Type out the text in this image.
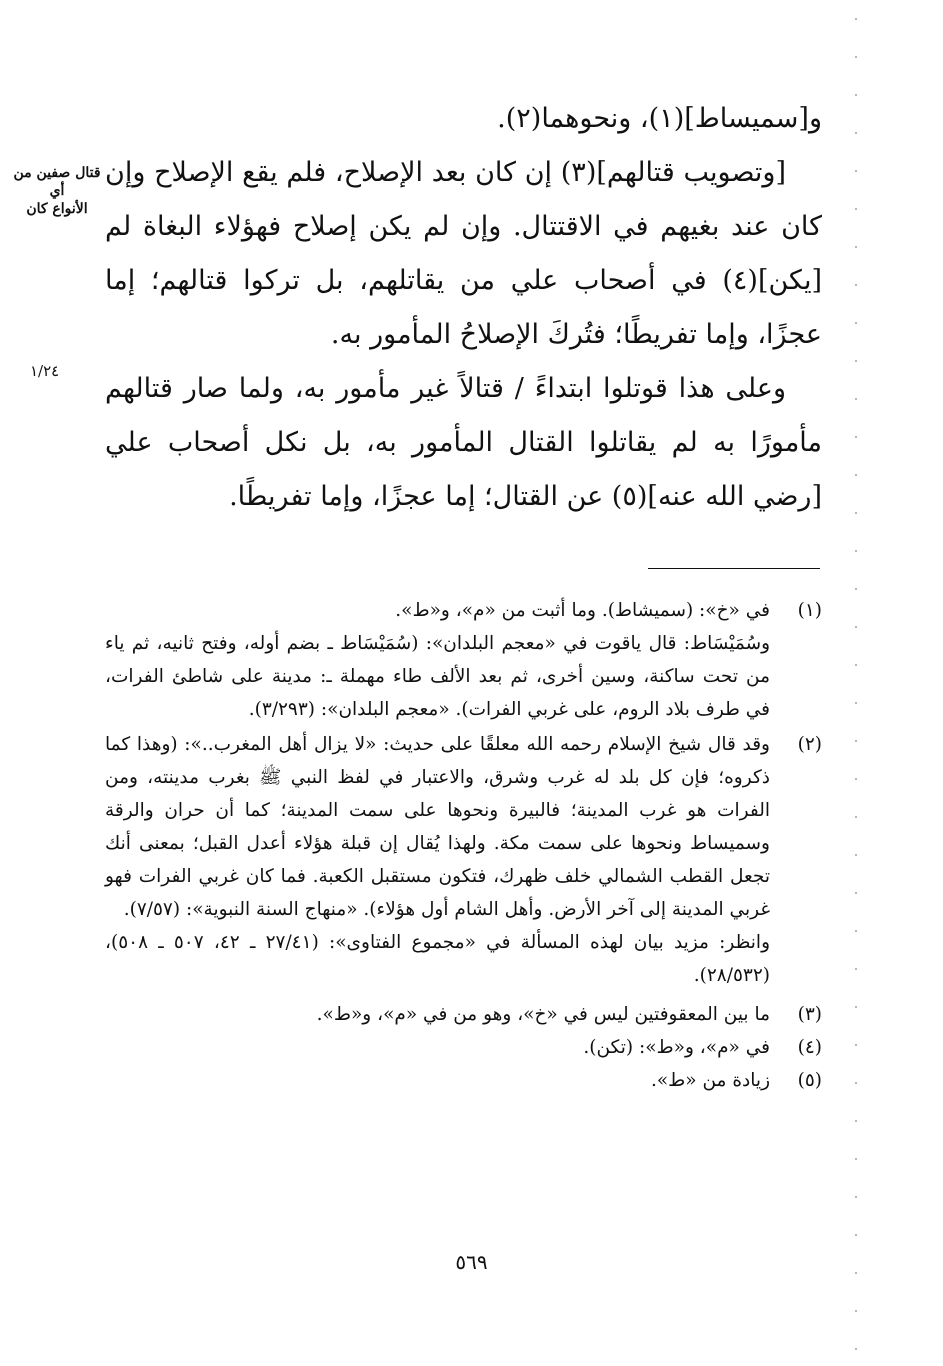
و[سميساط](١)، ونحوهما(٢).

[وتصويب قتالهم](٣) إن كان بعد الإصلاح، فلم يقع الإصلاح وإن كان عند بغيهم في الاقتتال. وإن لم يكن إصلاح فهؤلاء البغاة لم [يكن](٤) في أصحاب علي من يقاتلهم، بل تركوا قتالهم؛ إما عجزًا، وإما تفريطًا؛ فتُركَ الإصلاحُ المأمور به.

وعلى هذا قوتلوا ابتداءً / قتالاً غير مأمور به، ولما صار قتالهم مأمورًا به لم يقاتلوا القتال المأمور به، بل نكل أصحاب علي [رضي الله عنه](٥) عن القتال؛ إما عجزًا، وإما تفريطًا.

قتال صفين من أي
الأنواع كان
١/٢٤
(١)

في «خ»: (سميشاط). وما أثبت من «م»، و«ط».

وسُمَيْسَاط: قال ياقوت في «معجم البلدان»: (سُمَيْسَاط ـ بضم أوله، وفتح ثانيه، ثم ياء من تحت ساكنة، وسين أخرى، ثم بعد الألف طاء مهملة ـ: مدينة على شاطئ الفرات، في طرف بلاد الروم، على غربي الفرات). «معجم البلدان»: (٣/٢٩٣).

(٢)

وقد قال شيخ الإسلام رحمه الله معلقًا على حديث: «لا يزال أهل المغرب..»: (وهذا كما ذكروه؛ فإن كل بلد له غرب وشرق، والاعتبار في لفظ النبي ﷺ بغرب مدينته، ومن الفرات هو غرب المدينة؛ فالبيرة ونحوها على سمت المدينة؛ كما أن حران والرقة وسميساط ونحوها على سمت مكة. ولهذا يُقال إن قبلة هؤلاء أعدل القبل؛ بمعنى أنك تجعل القطب الشمالي خلف ظهرك، فتكون مستقبل الكعبة. فما كان غربي الفرات فهو غربي المدينة إلى آخر الأرض. وأهل الشام أول هؤلاء). «منهاج السنة النبوية»: (٧/٥٧).

وانظر: مزيد بيان لهذه المسألة في «مجموع الفتاوى»: (٢٧/٤١ ـ ٤٢، ٥٠٧ ـ ٥٠٨)، (٢٨/٥٣٢).

(٣)

ما بين المعقوفتين ليس في «خ»، وهو من في «م»، و«ط».

(٤)

في «م»، و«ط»: (تكن).

(٥)

زيادة من «ط».

٥٦٩
